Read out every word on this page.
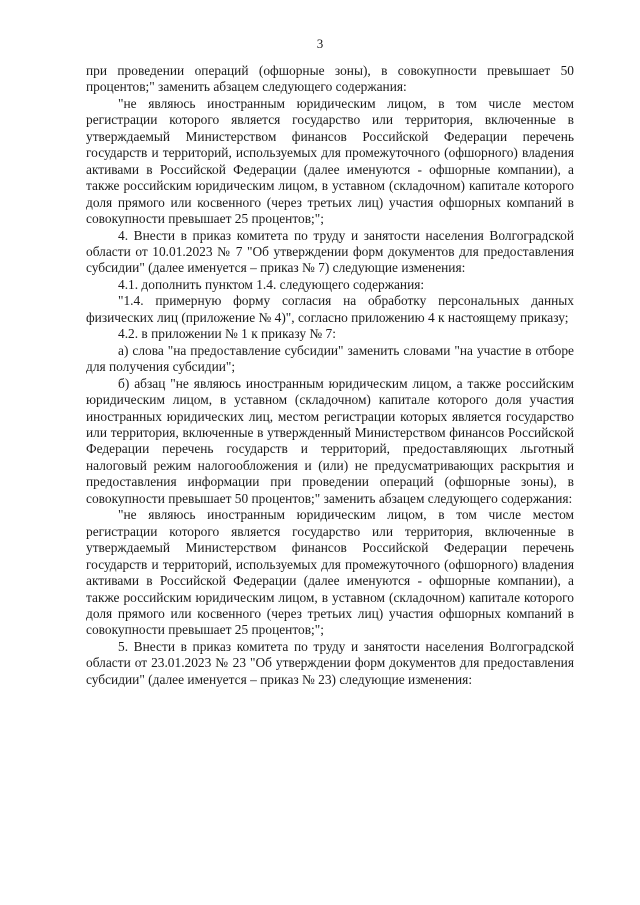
3

при проведении операций (офшорные зоны), в совокупности превышает 50 процентов;" заменить абзацем следующего содержания:

"не являюсь иностранным юридическим лицом, в том числе местом регистрации которого является государство или территория, включенные в утверждаемый Министерством финансов Российской Федерации перечень государств и территорий, используемых для промежуточного (офшорного) владения активами в Российской Федерации (далее именуются - офшорные компании), а также российским юридическим лицом, в уставном (складочном) капитале которого доля прямого или косвенного (через третьих лиц) участия офшорных компаний в совокупности превышает 25 процентов;";

4. Внести в приказ комитета по труду и занятости населения Волгоградской области от 10.01.2023 № 7 "Об утверждении форм документов для предоставления субсидии" (далее именуется – приказ № 7) следующие изменения:

4.1. дополнить пунктом 1.4. следующего содержания:

"1.4. примерную форму согласия на обработку персональных данных физических лиц (приложение № 4)", согласно приложению 4 к настоящему приказу;

4.2. в приложении № 1 к приказу № 7:

а) слова "на предоставление субсидии" заменить словами "на участие в отборе для получения субсидии";

б) абзац "не являюсь иностранным юридическим лицом, а также российским юридическим лицом, в уставном (складочном) капитале которого доля участия иностранных юридических лиц, местом регистрации которых является государство или территория, включенные в утвержденный Министерством финансов Российской Федерации перечень государств и территорий, предоставляющих льготный налоговый режим налогообложения и (или) не предусматривающих раскрытия и предоставления информации при проведении операций (офшорные зоны), в совокупности превышает 50 процентов;" заменить абзацем следующего содержания:

"не являюсь иностранным юридическим лицом, в том числе местом регистрации которого является государство или территория, включенные в утверждаемый Министерством финансов Российской Федерации перечень государств и территорий, используемых для промежуточного (офшорного) владения активами в Российской Федерации (далее именуются - офшорные компании), а также российским юридическим лицом, в уставном (складочном) капитале которого доля прямого или косвенного (через третьих лиц) участия офшорных компаний в совокупности превышает 25 процентов;";

5. Внести в приказ комитета по труду и занятости населения Волгоградской области от 23.01.2023 № 23 "Об утверждении форм документов для предоставления субсидии" (далее именуется – приказ № 23) следующие изменения:
